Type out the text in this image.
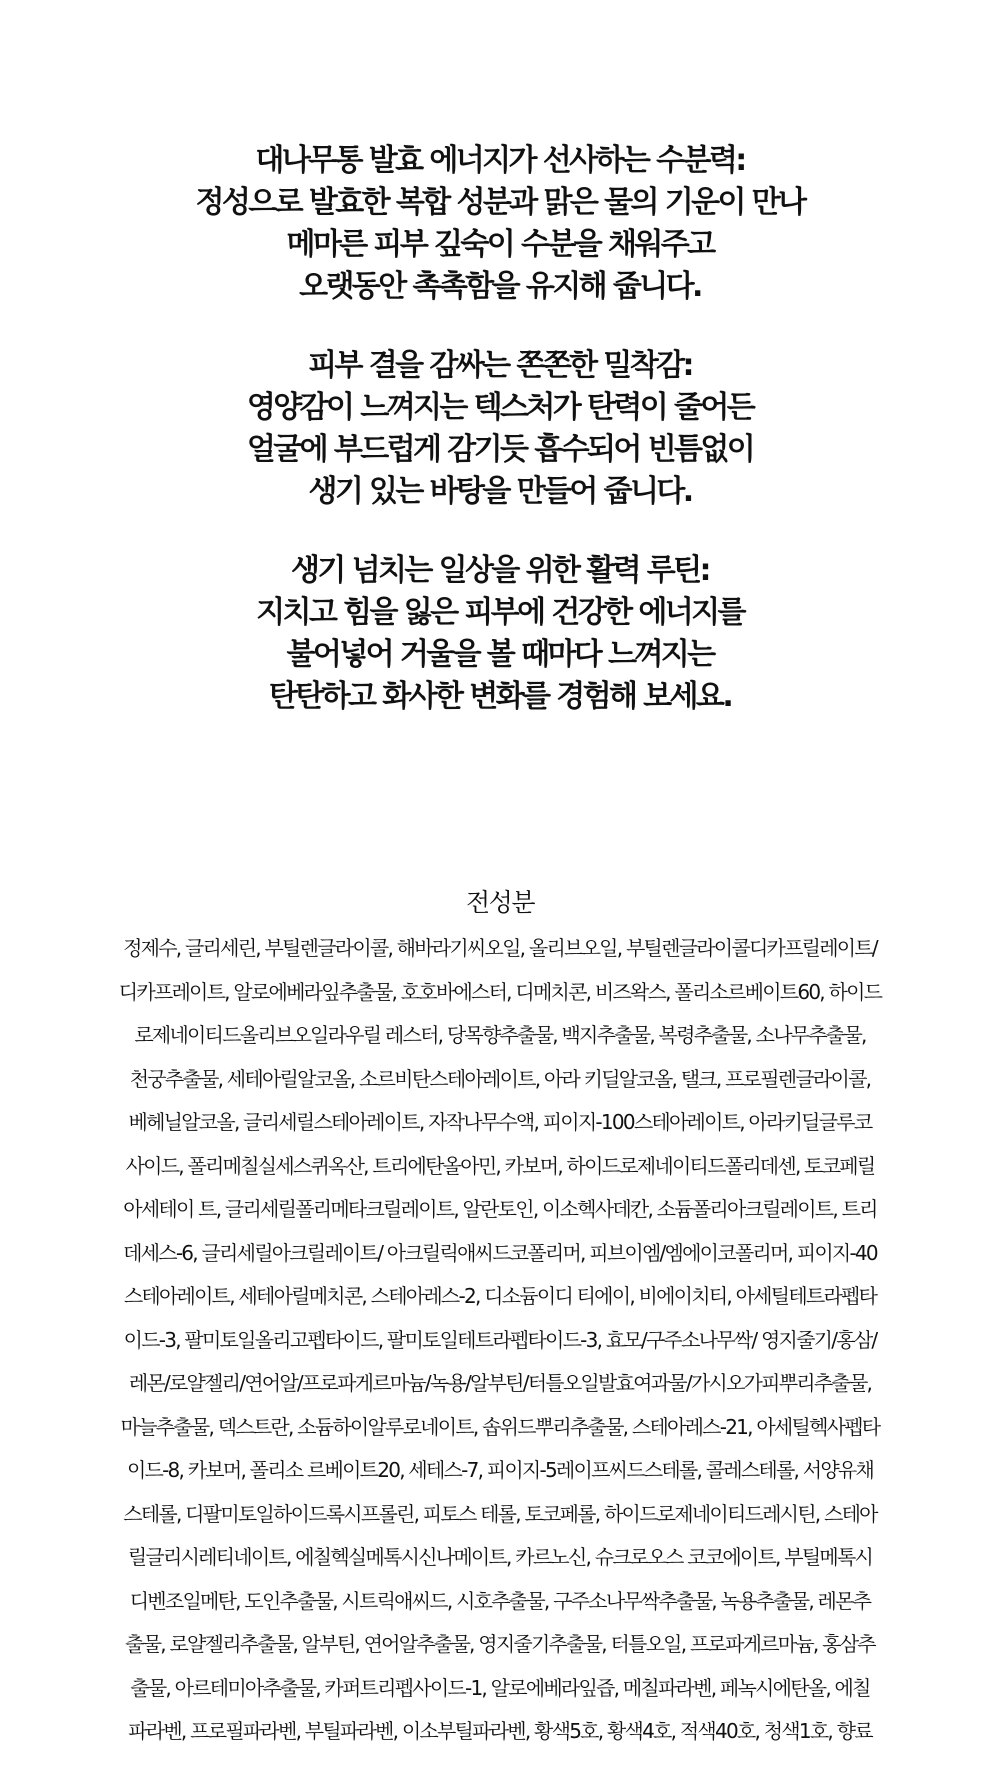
대나무통 발효 에너지가 선사하는 수분력:
정성으로 발효한 복합 성분과 맑은 물의 기운이 만나
메마른 피부 깊숙이 수분을 채워주고
오랫동안 촉촉함을 유지해 줍니다.
피부 결을 감싸는 쫀쫀한 밀착감:
영양감이 느껴지는 텍스처가 탄력이 줄어든
얼굴에 부드럽게 감기듯 흡수되어 빈틈없이
생기 있는 바탕을 만들어 줍니다.
생기 넘치는 일상을 위한 활력 루틴:
지치고 힘을 잃은 피부에 건강한 에너지를
불어넣어 거울을 볼 때마다 느껴지는
탄탄하고 화사한 변화를 경험해 보세요.
전성분
정제수, 글리세린, 부틸렌글라이콜, 해바라기씨오일, 올리브오일, 부틸렌글라이콜디카프릴레이트/
디카프레이트, 알로에베라잎추출물, 호호바에스터, 디메치콘, 비즈왁스, 폴리소르베이트60, 하이드
로제네이티드올리브오일라우릴 레스터, 당목향추출물, 백지추출물, 복령추출물, 소나무추출물,
천궁추출물, 세테아릴알코올, 소르비탄스테아레이트, 아라 키딜알코올, 탤크, 프로필렌글라이콜,
베헤닐알코올, 글리세릴스테아레이트, 자작나무수액, 피이지-100스테아레이트, 아라키딜글루코
사이드, 폴리메칠실세스퀴옥산, 트리에탄올아민, 카보머, 하이드로제네이티드폴리데센, 토코페릴
아세테이 트, 글리세릴폴리메타크릴레이트, 알란토인, 이소헥사데칸, 소듐폴리아크릴레이트, 트리
데세스-6, 글리세릴아크릴레이트/ 아크릴릭애씨드코폴리머, 피브이엠/엠에이코폴리머, 피이지-40
스테아레이트, 세테아릴메치콘, 스테아레스-2, 디소듐이디 티에이, 비에이치티, 아세틸테트라펩타
이드-3, 팔미토일올리고펩타이드, 팔미토일테트라펩타이드-3, 효모/구주소나무싹/ 영지줄기/홍삼/
레몬/로얄젤리/연어알/프로파게르마늄/녹용/알부틴/터틀오일발효여과물/가시오가피뿌리추출물,
마늘추출물, 덱스트란, 소듐하이알루로네이트, 솝위드뿌리추출물, 스테아레스-21, 아세틸헥사펩타
이드-8, 카보머, 폴리소 르베이트20, 세테스-7, 피이지-5레이프씨드스테롤, 콜레스테롤, 서양유채
스테롤, 디팔미토일하이드록시프롤린, 피토스 테롤, 토코페롤, 하이드로제네이티드레시틴, 스테아
릴글리시레티네이트, 에칠헥실메톡시신나메이트, 카르노신, 슈크로오스 코코에이트, 부틸메톡시
디벤조일메탄, 도인추출물, 시트릭애씨드, 시호추출물, 구주소나무싹추출물, 녹용추출물, 레몬추
출물, 로얄젤리추출물, 알부틴, 연어알추출물, 영지줄기추출물, 터틀오일, 프로파게르마늄, 홍삼추
출물, 아르테미아추출물, 카퍼트리펩사이드-1, 알로에베라잎즙, 메칠파라벤, 페녹시에탄올, 에칠
파라벤, 프로필파라벤, 부틸파라벤, 이소부틸파라벤, 황색5호, 황색4호, 적색40호, 청색1호, 향료
